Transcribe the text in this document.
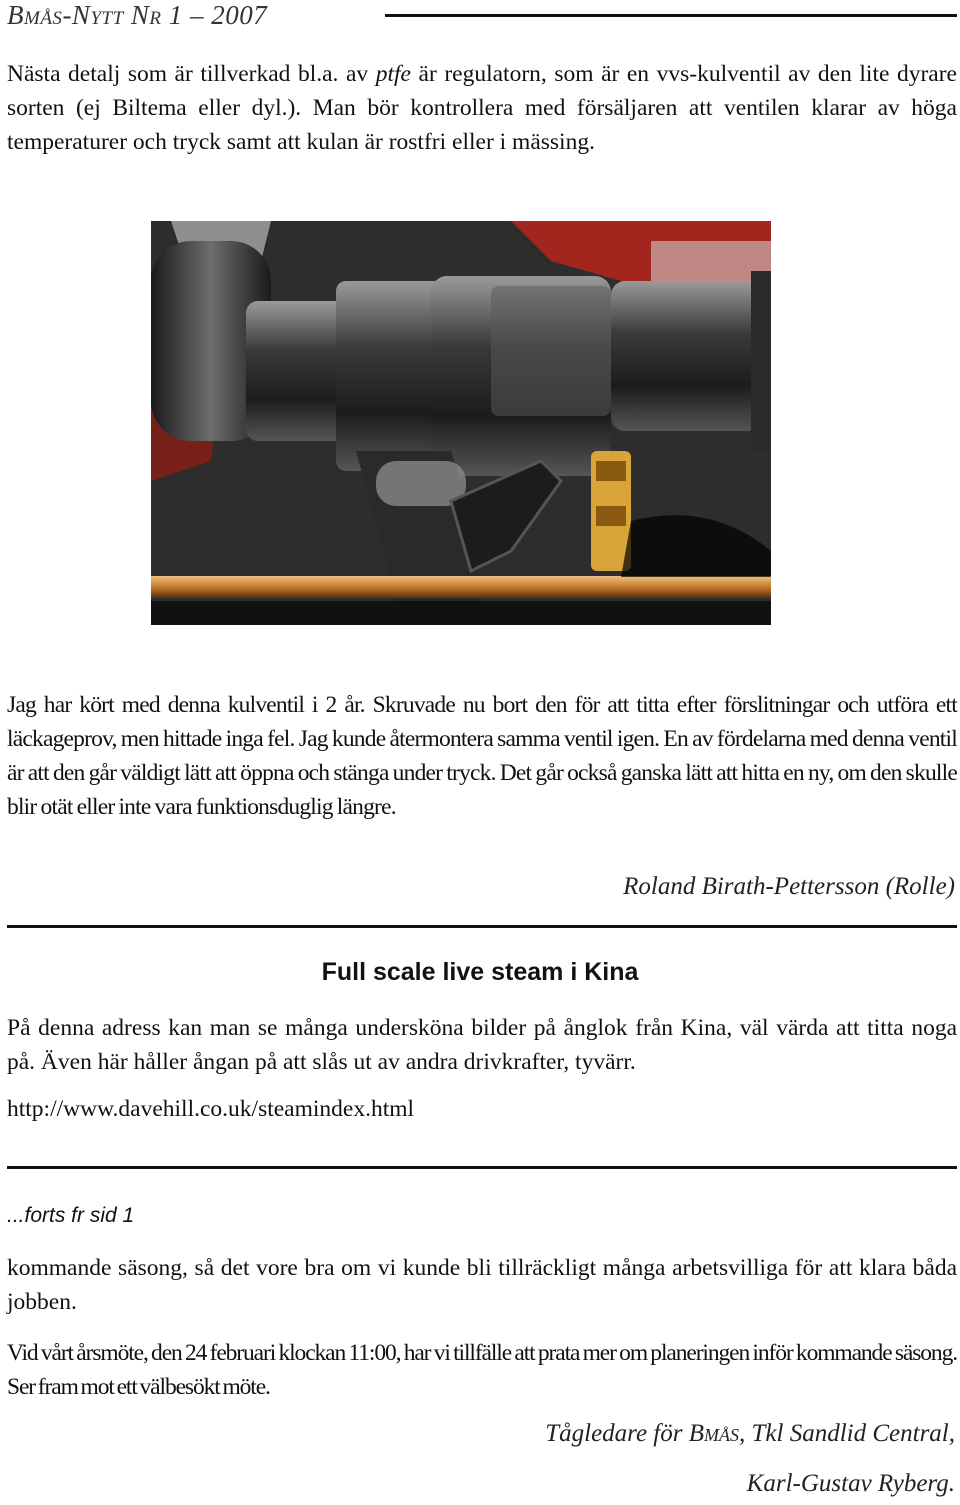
BMÅS-NYTT NR 1 – 2007

Nästa detalj som är tillverkad bl.a. av ptfe är regulatorn, som är en vvs-kulventil av den lite dyrare sorten (ej Biltema eller dyl.). Man bör kontrollera med försäljaren att ventilen klarar av höga temperaturer och tryck samt att kulan är rostfri eller i mässing.

Jag har kört med denna kulventil i 2 år. Skruvade nu bort den för att titta efter förslitningar och utföra ett läckageprov, men hittade inga fel. Jag kunde återmontera samma ventil igen. En av fördelarna med denna ventil är att den går väldigt lätt att öppna och stänga under tryck. Det går också ganska lätt att hitta en ny, om den skulle blir otät eller inte vara funktionsduglig längre.

Roland Birath-Pettersson (Rolle)
Full scale live steam i Kina

På denna adress kan man se många undersköna bilder på ånglok från Kina, väl värda att titta noga på. Även här håller ångan på att slås ut av andra drivkrafter, tyvärr.

http://www.davehill.co.uk/steamindex.html
...forts fr sid 1

kommande säsong, så det vore bra om vi kunde bli tillräckligt många arbetsvilliga för att klara båda jobben.

Vid vårt årsmöte, den 24 februari klockan 11:00, har vi tillfälle att prata mer om planeringen inför kommande säsong. Ser fram mot ett välbesökt möte.

Tågledare för BMÅS, Tkl Sandlid Central,
Karl-Gustav Ryberg.
